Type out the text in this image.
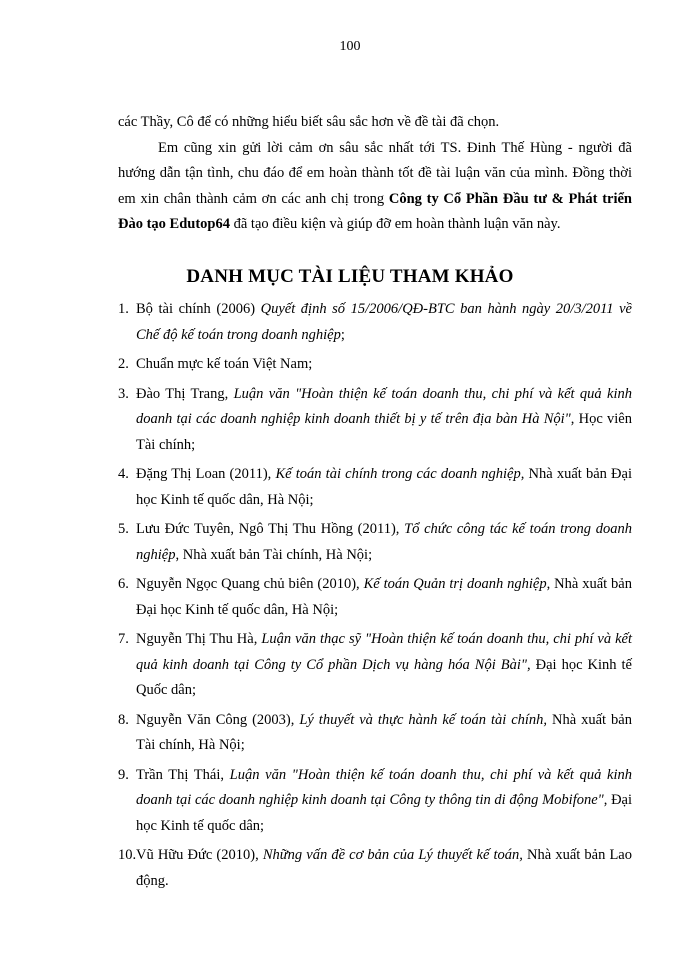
100

các Thầy, Cô để có những hiểu biết sâu sắc hơn về đề tài đã chọn.

Em cũng xin gửi lời cảm ơn sâu sắc nhất tới TS. Đinh Thế Hùng - người đã hướng dẫn tận tình, chu đáo để em hoàn thành tốt đề tài luận văn của mình. Đồng thời em xin chân thành cảm ơn các anh chị trong Công ty Cổ Phần Đầu tư & Phát triển Đào tạo Edutop64 đã tạo điều kiện và giúp đỡ em hoàn thành luận văn này.

DANH MỤC TÀI LIỆU THAM KHẢO
1. Bộ tài chính (2006) Quyết định số 15/2006/QĐ-BTC ban hành ngày 20/3/2011 về Chế độ kế toán trong doanh nghiệp;
2. Chuẩn mực kế toán Việt Nam;
3. Đào Thị Trang, Luận văn "Hoàn thiện kế toán doanh thu, chi phí và kết quả kinh doanh tại các doanh nghiệp kinh doanh thiết bị y tế trên địa bàn Hà Nội", Học viên Tài chính;
4. Đặng Thị Loan (2011), Kế toán tài chính trong các doanh nghiệp, Nhà xuất bản Đại học Kinh tế quốc dân, Hà Nội;
5. Lưu Đức Tuyên, Ngô Thị Thu Hồng (2011), Tổ chức công tác kế toán trong doanh nghiệp, Nhà xuất bản Tài chính, Hà Nội;
6. Nguyễn Ngọc Quang chủ biên (2010), Kế toán Quản trị doanh nghiệp, Nhà xuất bản Đại học Kinh tế quốc dân, Hà Nội;
7. Nguyễn Thị Thu Hà, Luận văn thạc sỹ "Hoàn thiện kế toán doanh thu, chi phí và kết quả kinh doanh tại Công ty Cổ phần Dịch vụ hàng hóa Nội Bài", Đại học Kinh tế Quốc dân;
8. Nguyễn Văn Công (2003), Lý thuyết và thực hành kế toán tài chính, Nhà xuất bản Tài chính, Hà Nội;
9. Trần Thị Thái, Luận văn "Hoàn thiện kế toán doanh thu, chi phí và kết quả kinh doanh tại các doanh nghiệp kinh doanh tại Công ty thông tin di động Mobifone", Đại học Kinh tế quốc dân;
10. Vũ Hữu Đức (2010), Những vấn đề cơ bản của Lý thuyết kế toán, Nhà xuất bản Lao động.
